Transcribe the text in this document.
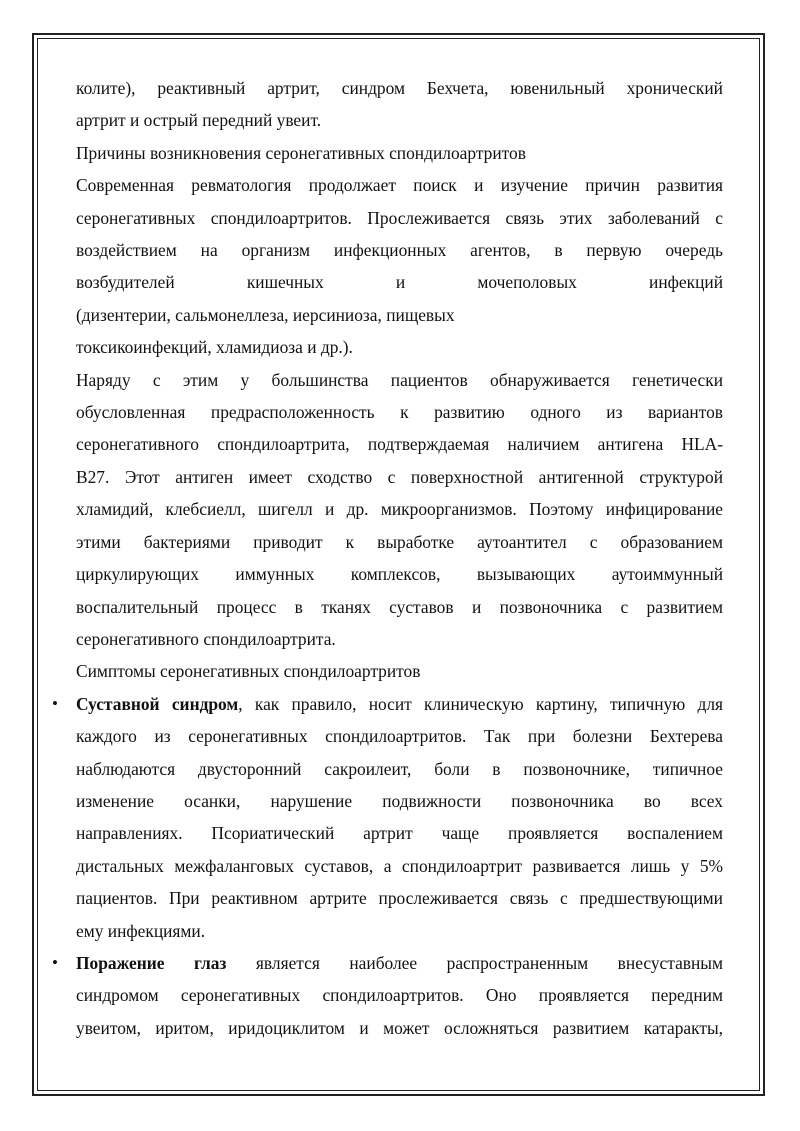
колите), реактивный артрит, синдром Бехчета, ювенильный хронический

артрит и острый передний увеит.

Причины возникновения серонегативных спондилоартритов

Современная ревматология продолжает поиск и изучение причин развития

серонегативных спондилоартритов. Прослеживается связь этих заболеваний с

воздействием на организм инфекционных агентов, в первую очередь

возбудителей кишечных и мочеполовых инфекций

(дизентерии, сальмонеллеза, иерсиниоза, пищевых

токсикоинфекций, хламидиоза и др.).

Наряду с этим у большинства пациентов обнаруживается генетически

обусловленная предрасположенность к развитию одного из вариантов

серонегативного спондилоартрита, подтверждаемая наличием антигена HLA-

B27. Этот антиген имеет сходство с поверхностной антигенной структурой

хламидий, клебсиелл, шигелл и др. микроорганизмов. Поэтому инфицирование

этими бактериями приводит к выработке аутоантител с образованием

циркулирующих иммунных комплексов, вызывающих аутоиммунный

воспалительный процесс в тканях суставов и позвоночника с развитием

серонегативного спондилоартрита.

Симптомы серонегативных спондилоартритов

• Суставной синдром, как правило, носит клиническую картину, типичную для

каждого из серонегативных спондилоартритов. Так при болезни Бехтерева

наблюдаются двусторонний сакроилеит, боли в позвоночнике, типичное

изменение осанки, нарушение подвижности позвоночника во всех

направлениях. Псориатический артрит чаще проявляется воспалением

дистальных межфаланговых суставов, а спондилоартрит развивается лишь у 5%

пациентов. При реактивном артрите прослеживается связь с предшествующими

ему инфекциями.

• Поражение глаз является наиболее распространенным внесуставным

синдромом серонегативных спондилоартритов. Оно проявляется передним

увеитом, иритом, иридоциклитом и может осложняться развитием катаракты,
